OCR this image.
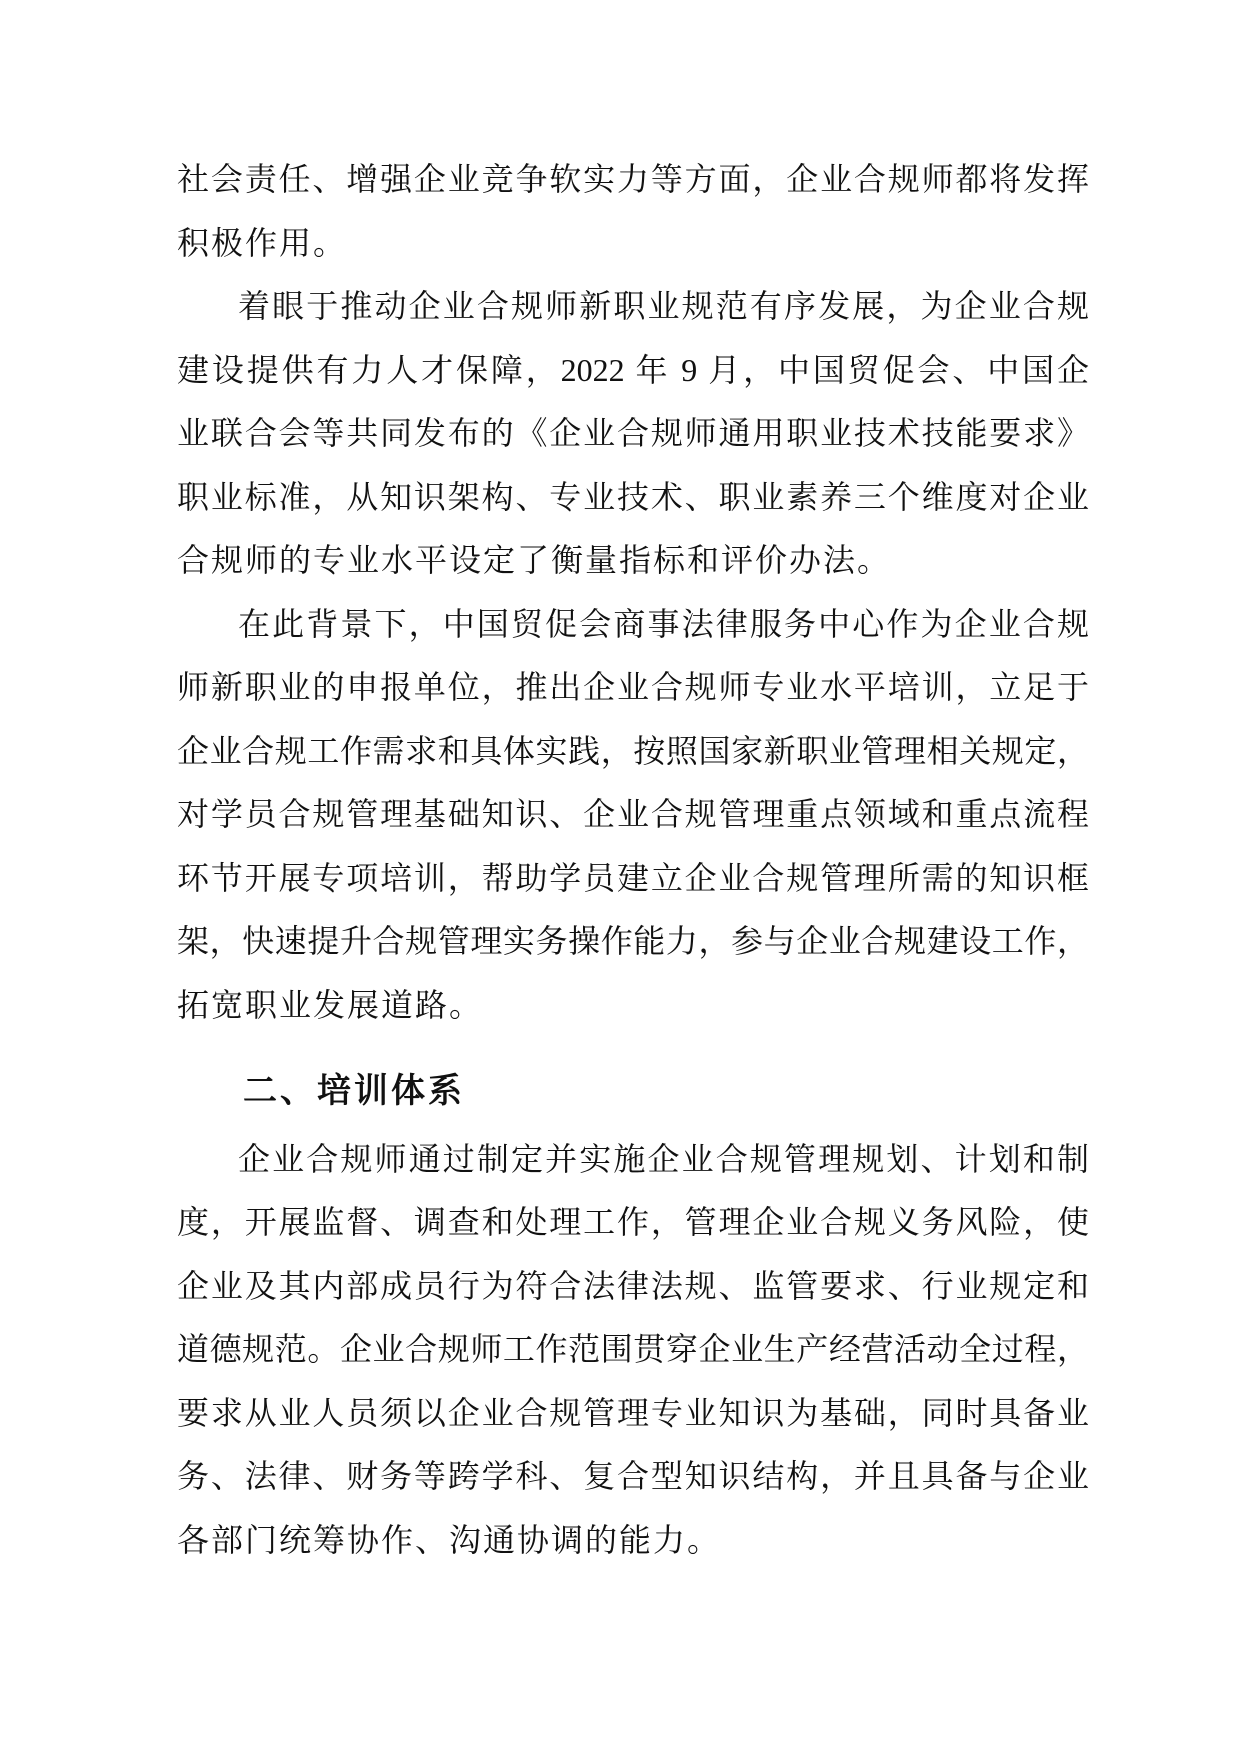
社会责任、增强企业竞争软实力等方面，企业合规师都将发挥
积极作用。
着眼于推动企业合规师新职业规范有序发展，为企业合规
建设提供有力人才保障，2022 年 9 月，中国贸促会、中国企
业联合会等共同发布的《企业合规师通用职业技术技能要求》
职业标准，从知识架构、专业技术、职业素养三个维度对企业
合规师的专业水平设定了衡量指标和评价办法。
在此背景下，中国贸促会商事法律服务中心作为企业合规
师新职业的申报单位，推出企业合规师专业水平培训，立足于
企业合规工作需求和具体实践，按照国家新职业管理相关规定，
对学员合规管理基础知识、企业合规管理重点领域和重点流程
环节开展专项培训，帮助学员建立企业合规管理所需的知识框
架，快速提升合规管理实务操作能力，参与企业合规建设工作，
拓宽职业发展道路。
二、培训体系
企业合规师通过制定并实施企业合规管理规划、计划和制
度，开展监督、调查和处理工作，管理企业合规义务风险，使
企业及其内部成员行为符合法律法规、监管要求、行业规定和
道德规范。企业合规师工作范围贯穿企业生产经营活动全过程，
要求从业人员须以企业合规管理专业知识为基础，同时具备业
务、法律、财务等跨学科、复合型知识结构，并且具备与企业
各部门统筹协作、沟通协调的能力。
